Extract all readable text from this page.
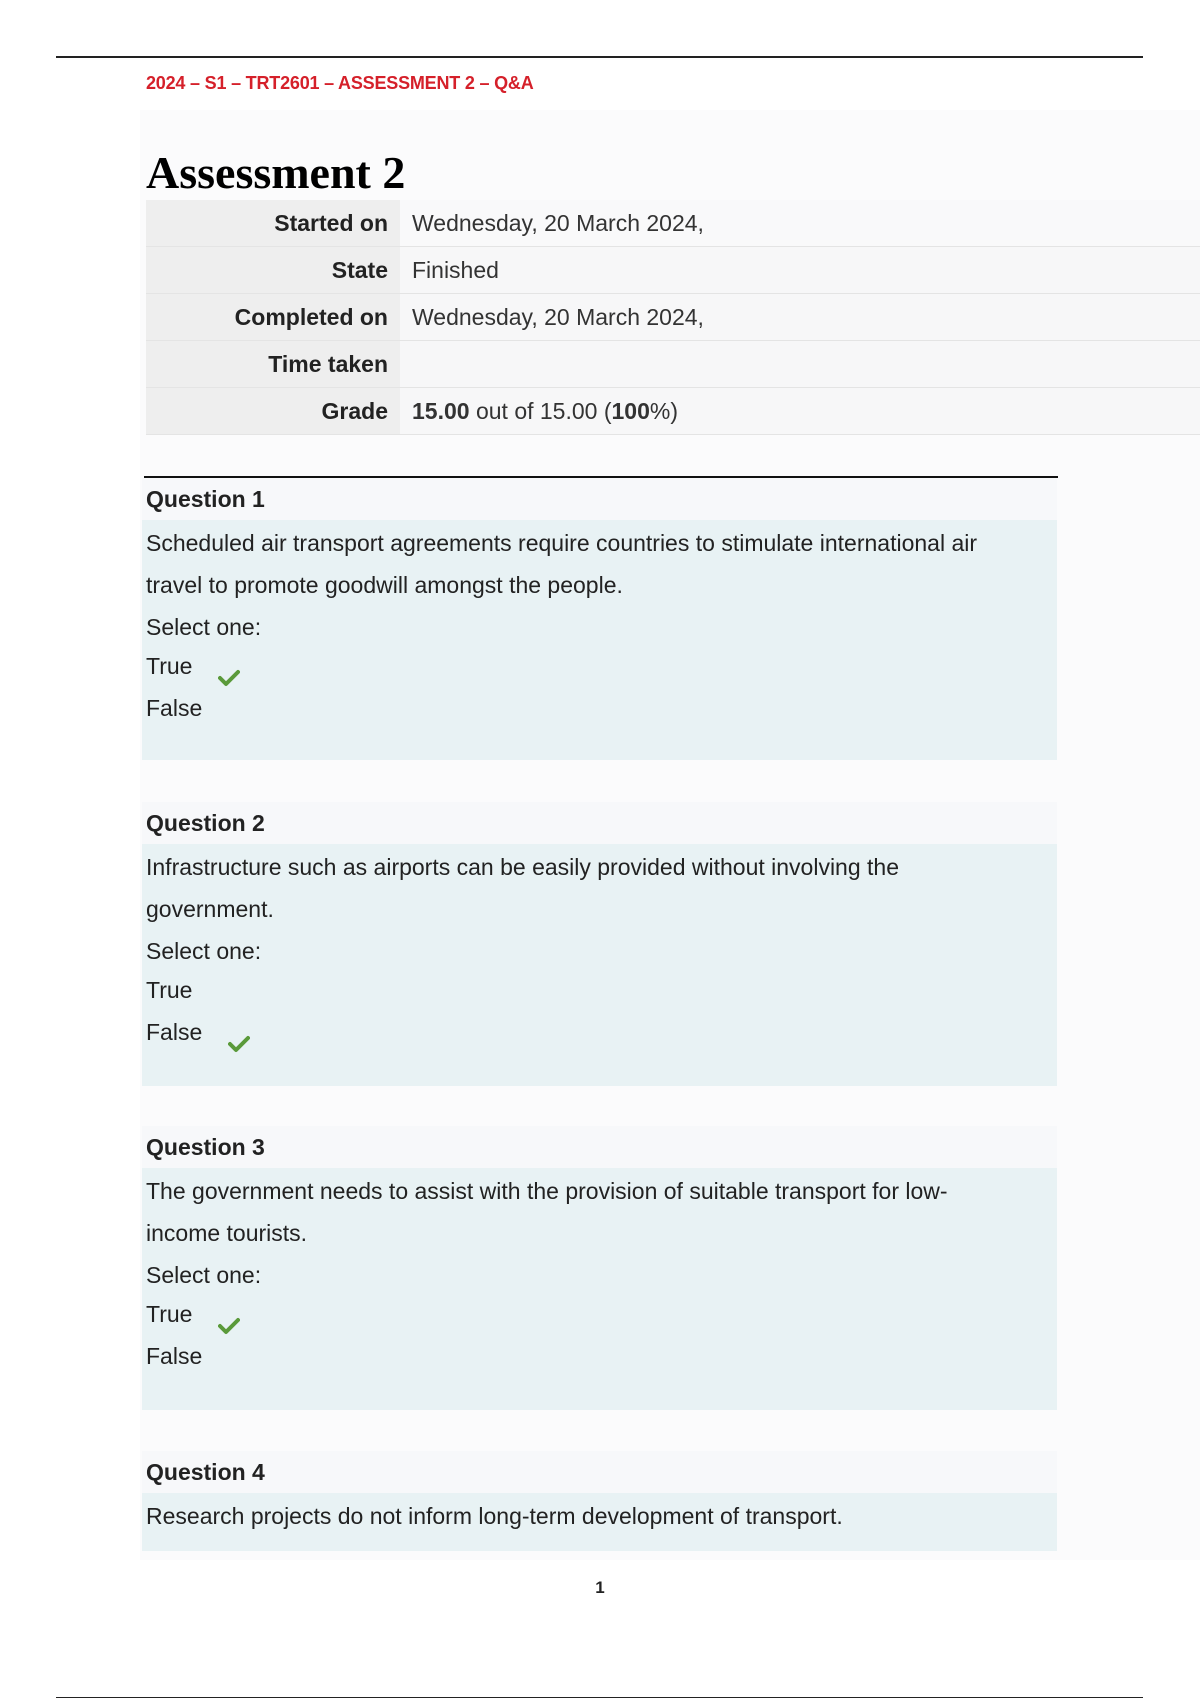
2024 – S1 – TRT2601 – ASSESSMENT 2 – Q&A
Assessment 2
Started on	Wednesday, 20 March 2024,
State	Finished
Completed on	Wednesday, 20 March 2024,
Time taken	
Grade	15.00 out of 15.00 (100%)
Question 1
Scheduled air transport agreements require countries to stimulate international air travel to promote goodwill amongst the people.
Select one:
True
False
Question 2
Infrastructure such as airports can be easily provided without involving the government.
Select one:
True
False
Question 3
The government needs to assist with the provision of suitable transport for low-income tourists.
Select one:
True
False
Question 4
Research projects do not inform long-term development of transport.
1
